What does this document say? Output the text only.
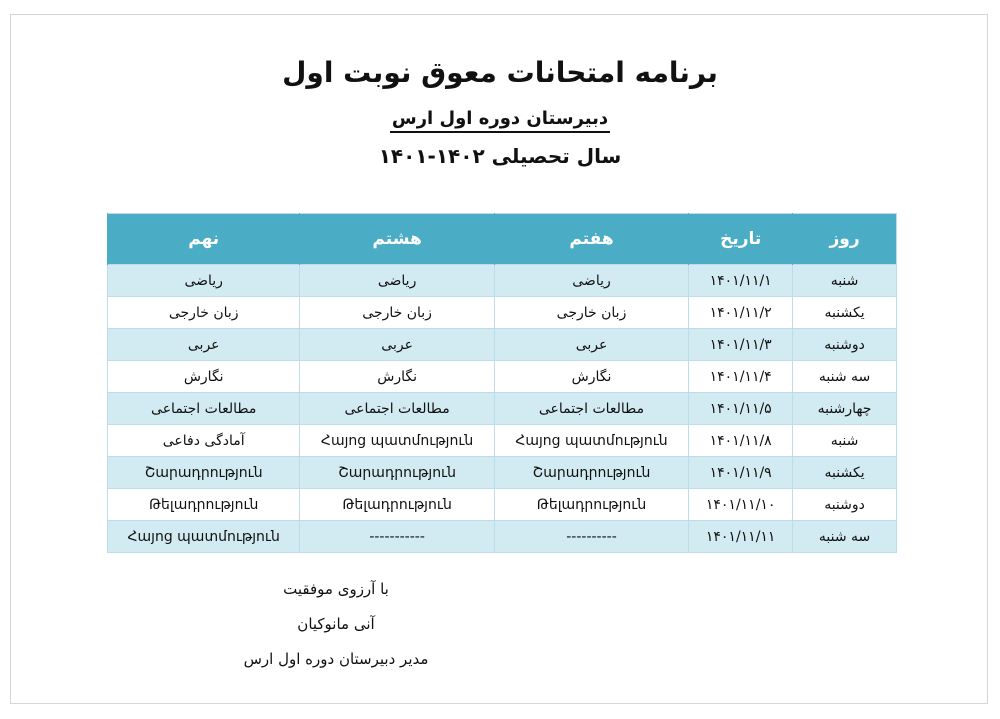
برنامه امتحانات معوق نوبت اول
دبیرستان دوره اول ارس
سال تحصیلی ۱۴۰۲-۱۴۰۱
روز	تاریخ	هفتم	هشتم	نهم
شنبه	۱۴۰۱/۱۱/۱	ریاضی	ریاضی	ریاضی
یکشنبه	۱۴۰۱/۱۱/۲	زبان خارجی	زبان خارجی	زبان خارجی
دوشنبه	۱۴۰۱/۱۱/۳	عربی	عربی	عربی
سه شنبه	۱۴۰۱/۱۱/۴	نگارش	نگارش	نگارش
چهارشنبه	۱۴۰۱/۱۱/۵	مطالعات اجتماعی	مطالعات اجتماعی	مطالعات اجتماعی
شنبه	۱۴۰۱/۱۱/۸	Հայոց պատմություն	Հայոց պատմություն	آمادگی دفاعی
یکشنبه	۱۴۰۱/۱۱/۹	Շարադրություն	Շարադրություն	Շարադրություն
دوشنبه	۱۴۰۱/۱۱/۱۰	Թելադրություն	Թելադրություն	Թելադրություն
سه شنبه	۱۴۰۱/۱۱/۱۱	----------	-----------	Հայոց պատմություն
با آرزوی موفقیت
آنی مانوکیان
مدیر دبیرستان دوره اول ارس
